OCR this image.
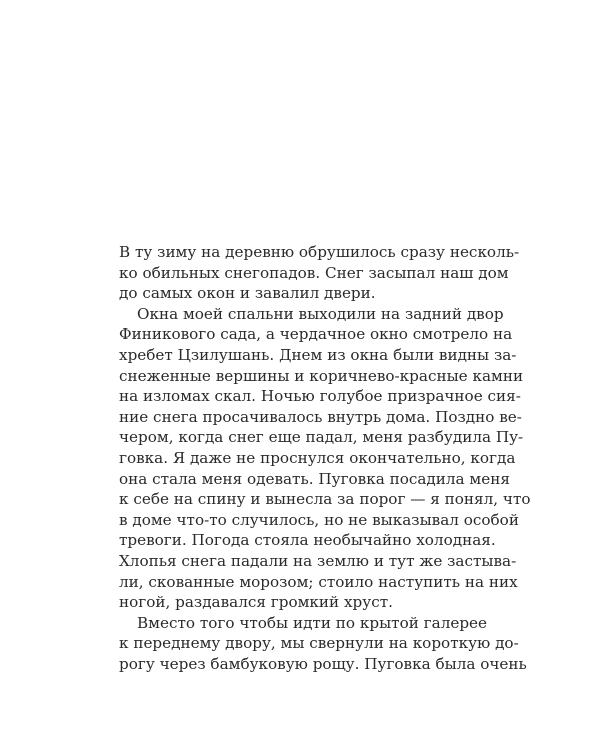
В ту зиму на деревню обрушилось сразу несколь-
ко обильных снегопадов. Снег засыпал наш дом
до самых окон и завалил двери.
Окна моей спальни выходили на задний двор
Финикового сада, а чердачное окно смотрело на
хребет Цзилушань. Днем из окна были видны за-
снеженные вершины и коричнево-красные камни
на изломах скал. Ночью голубое призрачное сия-
ние снега просачивалось внутрь дома. Поздно ве-
чером, когда снег еще падал, меня разбудила Пу-
говка. Я даже не проснулся окончательно, когда
она стала меня одевать. Пуговка посадила меня
к себе на спину и вынесла за порог — я понял, что
в доме что-то случилось, но не выказывал особой
тревоги. Погода стояла необычайно холодная.
Хлопья снега падали на землю и тут же застыва-
ли, скованные морозом; стоило наступить на них
ногой, раздавался громкий хруст.
Вместо того чтобы идти по крытой галерее
к переднему двору, мы свернули на короткую до-
рогу через бамбуковую рощу. Пуговка была очень
